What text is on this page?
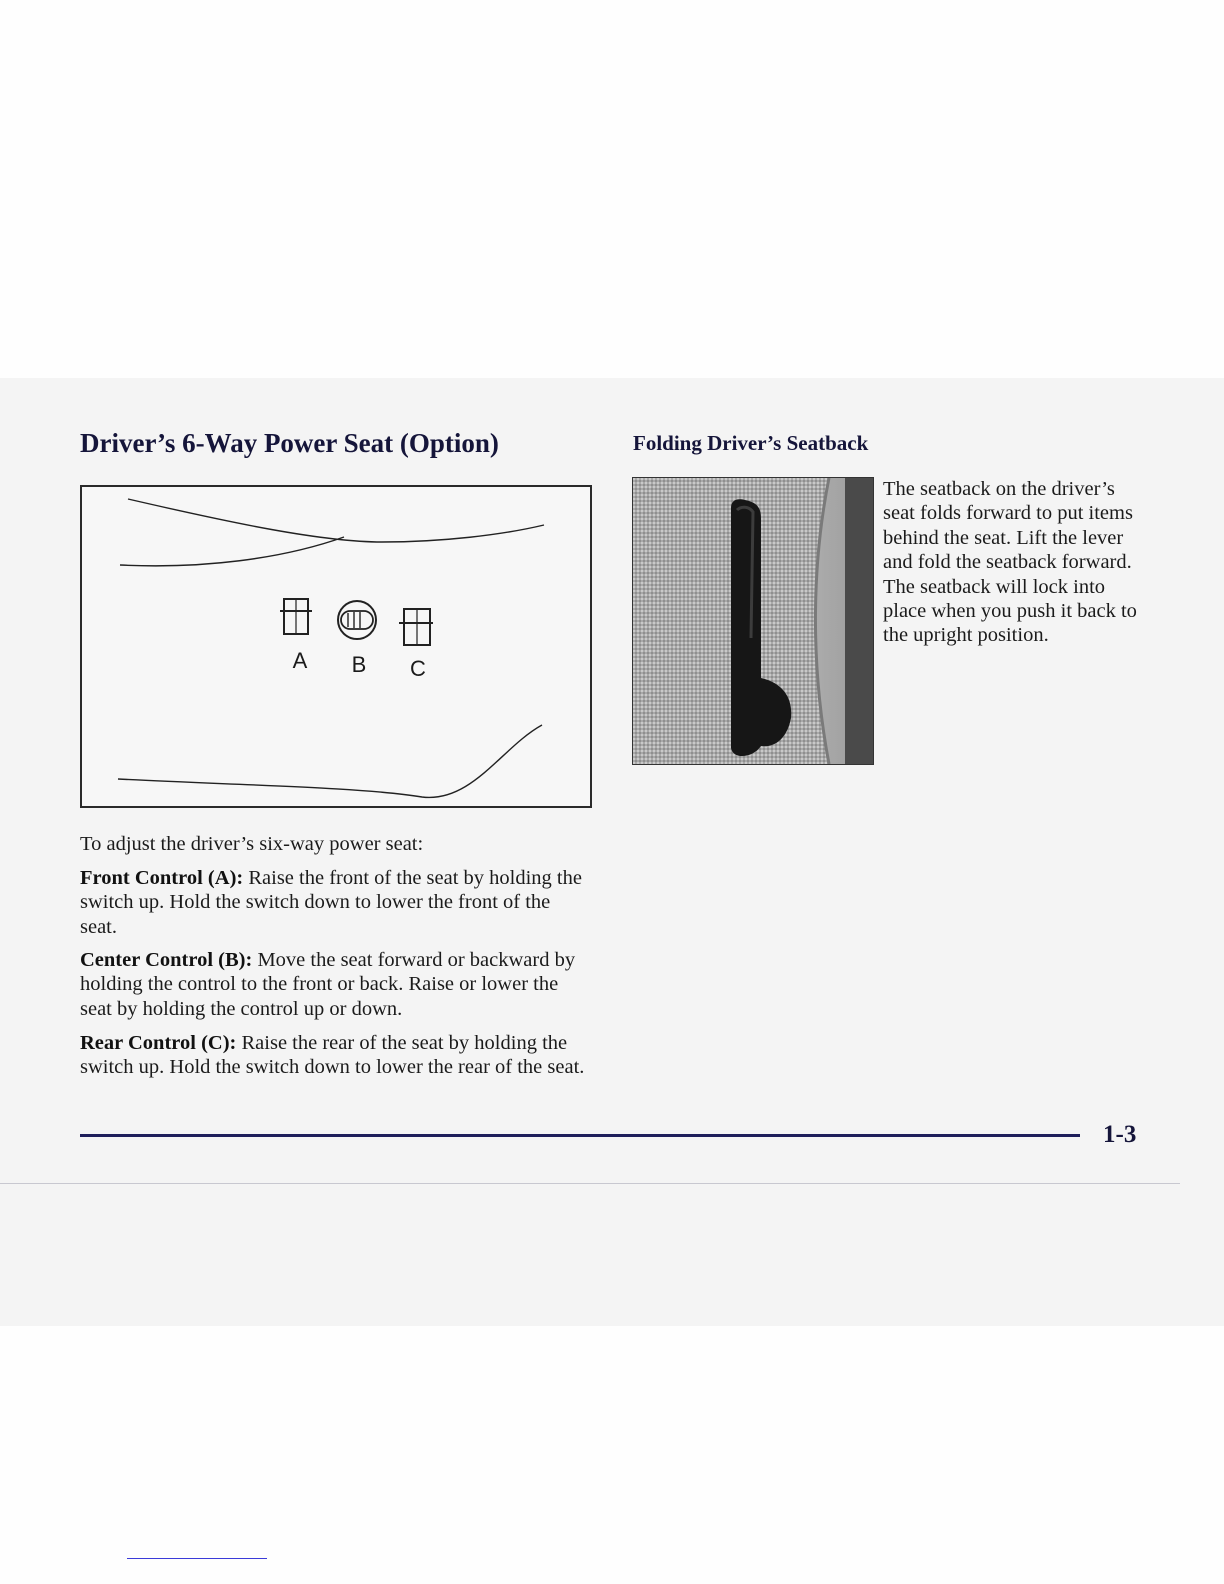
Driver’s 6-Way Power Seat (Option)	Folding Driver’s Seatback
A B C

The seatback on the driver’s seat folds forward to put items behind the seat. Lift the lever and fold the seatback forward. The seatback will lock into place when you push it back to the upright position.

To adjust the driver’s six-way power seat:

Front Control (A): Raise the front of the seat by holding the switch up. Hold the switch down to lower the front of the seat.

Center Control (B): Move the seat forward or backward by holding the control to the front or back. Raise or lower the seat by holding the control up or down.

Rear Control (C): Raise the rear of the seat by holding the switch up. Hold the switch down to lower the rear of the seat.

1-3
